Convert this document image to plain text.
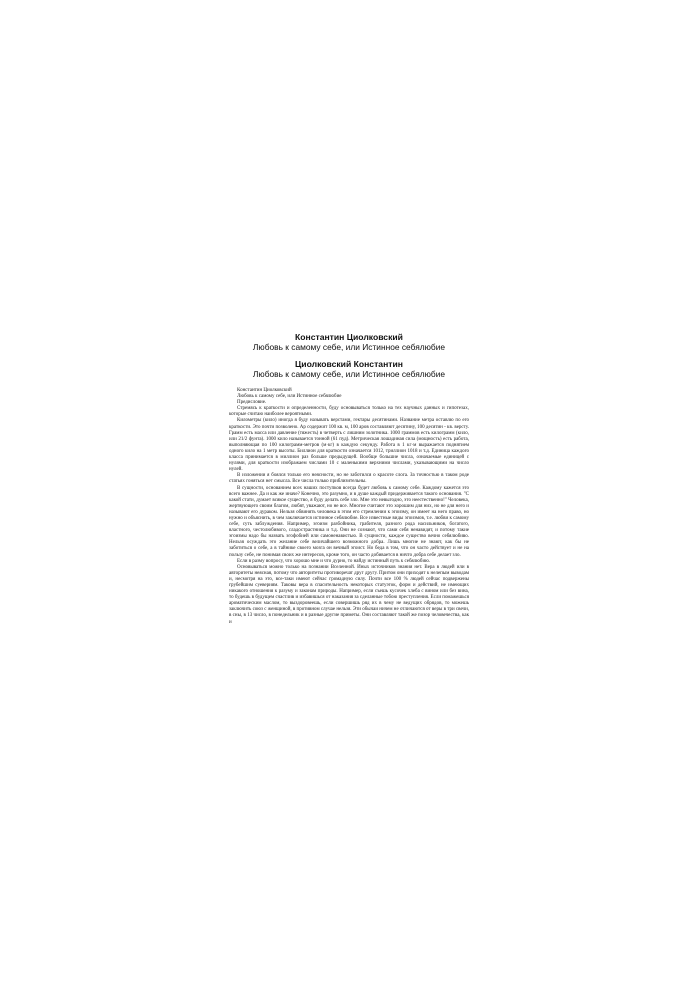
Константин Циолковский

Любовь к самому себе, или Истинное себялюбие

Циолковский Константин

Любовь к самому себе, или Истинное себялюбие

Константин Циолковский

Любовь к самому себе, или Истинное себялюбие

Предисловие.

Стремясь к краткости и определенности, буду основываться только на тех научных данных и гипотезах, которые считаю наиболее вероятными.

Километры (кило) иногда я буду называть верстами, гектары десятинами. Название метра оставлю по его краткости. Это почти позволено. Ар содержит 100 кв. м, 100 аров составляют десятину, 100 десятин - кв. версту. Грамм есть масса или давление (тяжесть) в четверть с лишним золотника. 1000 граммов есть килограмм (кило, или 21/2 фунта). 1000 кило называется тонной (61 пуд). Метрическая лошадиная сила (мощность) есть работа, выполняющая по 100 килограмм-метров (м·кг) в каждую секунду. Работа в 1 кг·м выражается поднятием одного кило на 1 метр высоты. Биллион для краткости означается 1012, триллион 1018 и т.д. Единица каждого класса принимается в миллион раз больше предыдущей. Вообще большие числа, означаемые единицей с нулями, для краткости изображаем числами 10 с маленькими верхними числами, указывающими на число нулей.

В изложении я боялся только его неясности, но не заботился о красоте слога. За точностью в таком роде статьях гоняться нет смысла. Все числа только приблизительны.

В сущности, основанием всех наших поступков всегда будет любовь к самому себе. Каждому кажется это всего важнее. Да и как же иначе? Конечно, это разумно, и в душе каждый придерживается такого основания. "С какой стати, думает всякое существо, я буду делать себе зло. Мне это невыгодно, это неестественно!" Человека, жертвующего своим благом, любят, уважают, но не все. Многие считают это хорошим для них, но не для него и называют его дураком. Нельзя обвинять человека в этом его стремлении к эгоизму, он имеет на него право, но нужно и объяснить, в чем заключается истинное себялюбие. Все известные виды эгоизмов, т.е. любви к самому себе, суть заблуждения. Например, эгоизм разбойника, грабителя, разного рода насильников, богатого, властного, честолюбивого, сладострастника и т.д. Они не сознают, что сами себя ненавидят, и потому такие эгоизмы надо бы назвать эгофобией или самоненавистью. В сущности, каждое существо вечно себялюбиво. Нельзя осуждать это желание себе величайшего возможного добра. Лишь многие не знают, как бы не заботиться о себе, а в тайнике своего мозга он вечный эгоист. Но беда в том, что он часто действует и не на пользу себе, не понимая своих же интересов, кроме того, он часто добивается в ничто добра себе делает зло.

Если в разму вопросу, что хорошо мне и что дурно, то найду истинный путь к себялюбию.

Основываться можно только на познании Вселенной. Иных источников знания нет. Вера в людей или в авторитеты неясная, потому что авторитеты противоречат друг другу. Притом они приходят к нелепым выводам и, несмотря на это, все-таки имеют сейчас громадную силу. Почти все 100 % людей сейчас подвержены грубейшим суевериям. Таковы вера в спасительность некоторых статуэток, форм и действий, не имеющих никакого отношения к разуму и законам природы. Например, если съешь кусочек хлеба с вином или без вина, то будешь в будущем счастлив и избавишься от наказания за сделанные тобою преступления. Если помажешься ароматическим маслом, то выздоровеешь, если совершишь ряд их в чему не ведущих обрядов, то можешь заключить союз с женщиной, в противном случае нельзя. Эти обычаи ничем не отличаются от веры в три свечи, в сны, в 13 число, в понедельник и в разные другие приметы. Они составляют такой же позор человечества, как и
